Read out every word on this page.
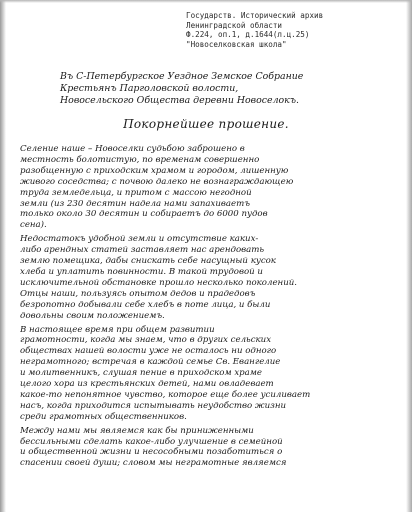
Государств. Исторический архив
Ленинградской области
Ф.224, оп.1, д.1644(л.ц.25)
"Новоселковская школа"
Въ С-Петербургское Уездное Земское Собрание
Крестьянъ Парголовской волости,
Новосельского Общества деревни Новоселокъ.
Покорнейшее прошение.
Селение наше – Новоселки судьбою заброшено в
местность болотистую, по временам совершенно
разобщенную с приходским храмом и городом, лишенную
живого соседства; с почвою далеко не вознаграждающею
труда земледельца, и притом с массою негодной
земли (из 230 десятин надела нами запахиваетъ
только около 30 десятин и собираетъ до 6000 пудов
сена).
Недостатокъ удобной земли и отсутствие каких-
либо арендных статей заставляет нас арендовать
землю помещика, дабы снискать себе насущный кусок
хлеба и уплатить повинности. В такой трудовой и
исключительной обстановке прошло несколько поколений.
Отцы наши, пользуясь опытом дедов и прадедовъ
безропотно добывали себе хлебъ в поте лица, и были
довольны своим положениемъ.
В настоящее время при общем развитии
грамотности, когда мы знаем, что в других сельских
обществах нашей волости уже не осталось ни одного
неграмотного; встречая в каждой семье Св. Евангелие
и молитвенникъ, слушая пение в приходском храме
целого хора из крестьянских детей, нами овладевает
какое-то непонятное чувство, которое еще более усиливает
насъ, когда приходится испытывать неудобство жизни
среди грамотных общественников.
Между нами мы являемся как бы приниженными
бессильными сделать какое-либо улучшение в семейной
и общественной жизни и несособными позаботиться о
спасении своей души; словом мы неграмотные являемся
